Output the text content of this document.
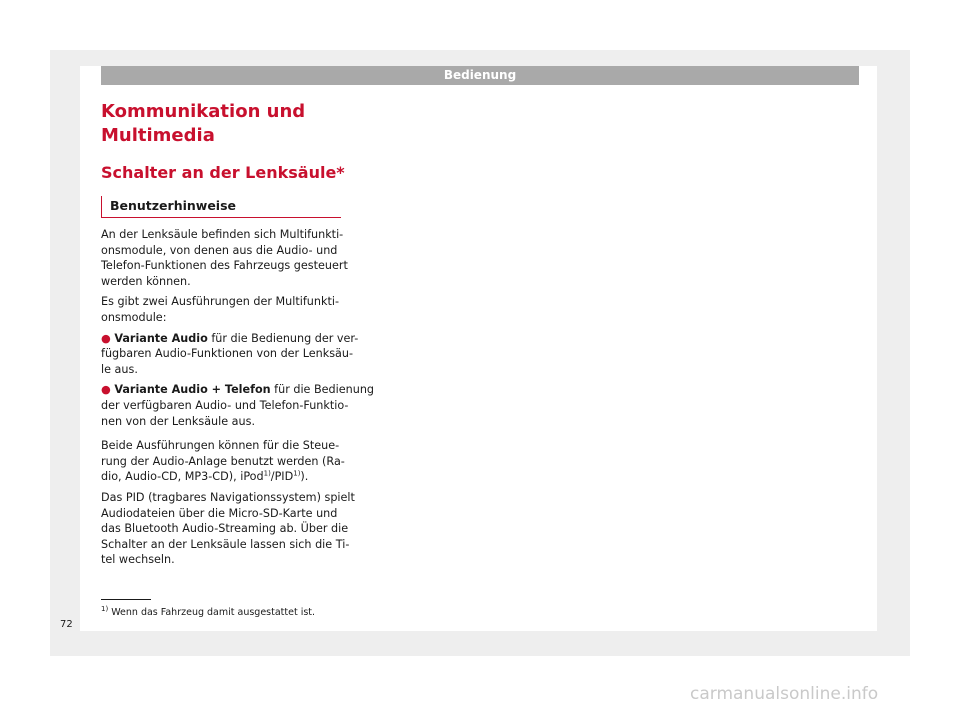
Bedienung
Kommunikation und
Multimedia
Schalter an der Lenksäule*
Benutzerhinweise

An der Lenksäule befinden sich Multifunkti-
onsmodule, von denen aus die Audio- und
Telefon-Funktionen des Fahrzeugs gesteuert
werden können.

Es gibt zwei Ausführungen der Multifunkti-
onsmodule:

● Variante Audio für die Bedienung der ver-
fügbaren Audio-Funktionen von der Lenksäu-
le aus.

● Variante Audio + Telefon für die Bedienung
der verfügbaren Audio- und Telefon-Funktio-
nen von der Lenksäule aus.

Beide Ausführungen können für die Steue-
rung der Audio-Anlage benutzt werden (Ra-
dio, Audio-CD, MP3-CD), iPod$^{1)}$/PID$^{1)}$).

Das PID (tragbares Navigationssystem) spielt
Audiodateien über die Micro-SD-Karte und
das Bluetooth Audio-Streaming ab. Über die
Schalter an der Lenksäule lassen sich die Ti-
tel wechseln.

$^{1)}$ Wenn das Fahrzeug damit ausgestattet ist.
72
carmanualsonline.info
